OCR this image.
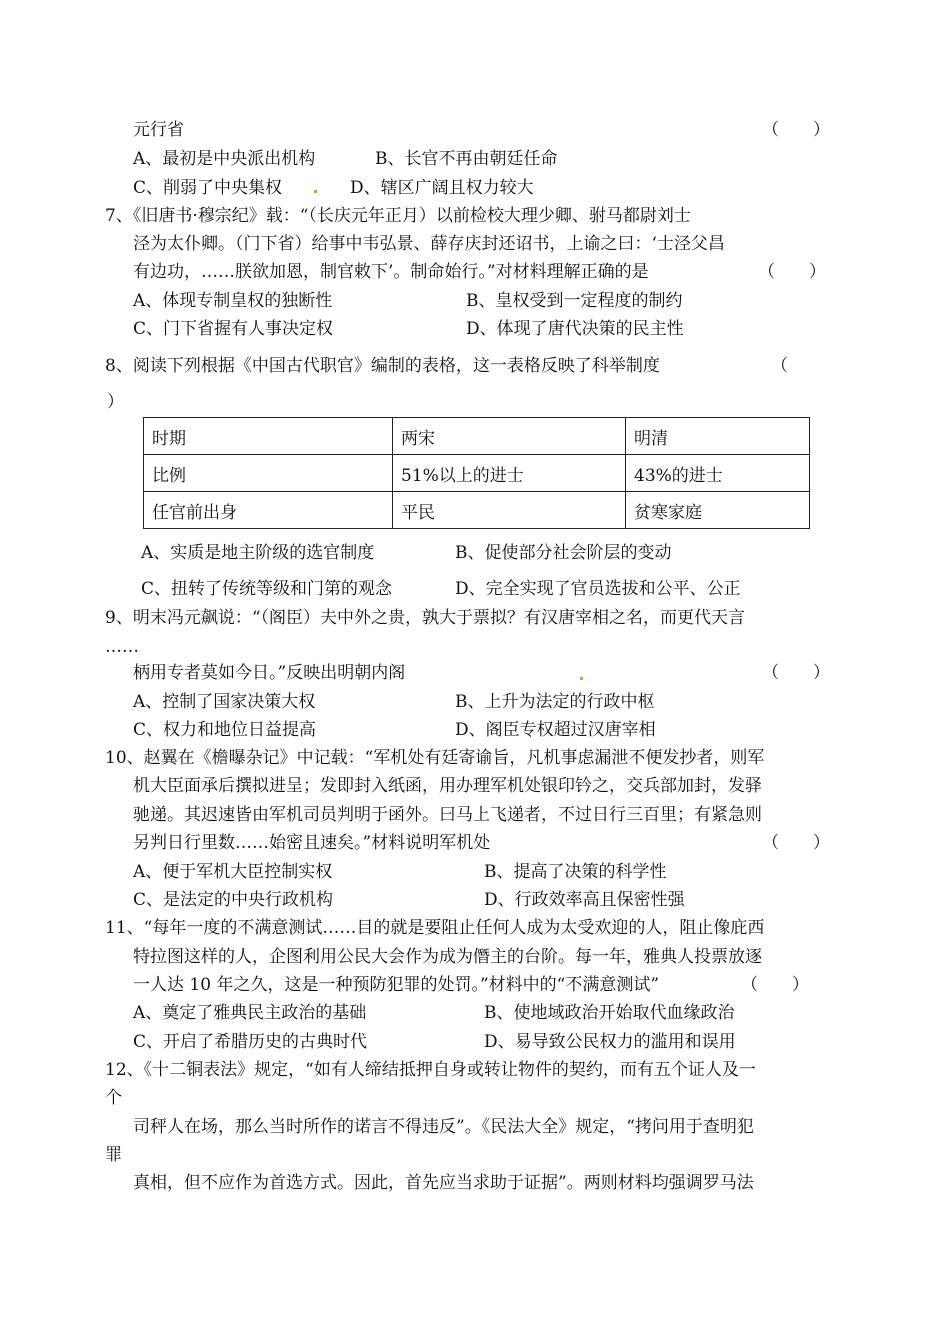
元行省	（　　）
A、最初是中央派出机构	B、长官不再由朝廷任命
C、削弱了中央集权	D、辖区广阔且权力较大
7、《旧唐书·穆宗纪》载：“（长庆元年正月）以前检校大理少卿、驸马都尉刘士
泾为太仆卿。（门下省）给事中韦弘景、薛存庆封还诏书，上谕之曰：‘士泾父昌
有边功，……朕欲加恩，制官敕下’。制命始行。”对材料理解正确的是	（　　）
A、体现专制皇权的独断性	B、皇权受到一定程度的制约
C、门下省握有人事决定权	D、体现了唐代决策的民主性
8、阅读下列根据《中国古代职官》编制的表格，这一表格反映了科举制度	（
）
时期	两宋	明清
比例	51%以上的进士	43%的进士
任官前出身	平民	贫寒家庭
A、实质是地主阶级的选官制度	B、促使部分社会阶层的变动
C、扭转了传统等级和门第的观念	D、完全实现了官员选拔和公平、公正
9、明末冯元飙说：“（阁臣）夫中外之贵，孰大于票拟？有汉唐宰相之名，而更代天言
……
柄用专者莫如今日。”反映出明朝内阁	（　　）
A、控制了国家决策大权	B、上升为法定的行政中枢
C、权力和地位日益提高	D、阁臣专权超过汉唐宰相
10、赵翼在《檐曝杂记》中记载：“军机处有廷寄谕旨，凡机事虑漏泄不便发抄者，则军
机大臣面承后撰拟进呈；发即封入纸函，用办理军机处银印钤之，交兵部加封，发驿
驰递。其迟速皆由军机司员判明于函外。曰马上飞递者，不过日行三百里；有紧急则
另判日行里数……始密且速矣。”材料说明军机处	（　　）
A、便于军机大臣控制实权	B、提高了决策的科学性
C、是法定的中央行政机构	D、行政效率高且保密性强
11、“每年一度的不满意测试……目的就是要阻止任何人成为太受欢迎的人，阻止像庇西
特拉图这样的人，企图利用公民大会作为成为僭主的台阶。每一年，雅典人投票放逐
一人达 10 年之久，这是一种预防犯罪的处罚。”材料中的“不满意测试”	（　　）
A、奠定了雅典民主政治的基础	B、使地域政治开始取代血缘政治
C、开启了希腊历史的古典时代	D、易导致公民权力的滥用和误用
12、《十二铜表法》规定，“如有人缔结抵押自身或转让物件的契约，而有五个证人及一
个
司秤人在场，那么当时所作的诺言不得违反”。《民法大全》规定，“拷问用于查明犯
罪
真相，但不应作为首选方式。因此，首先应当求助于证据”。两则材料均强调罗马法
